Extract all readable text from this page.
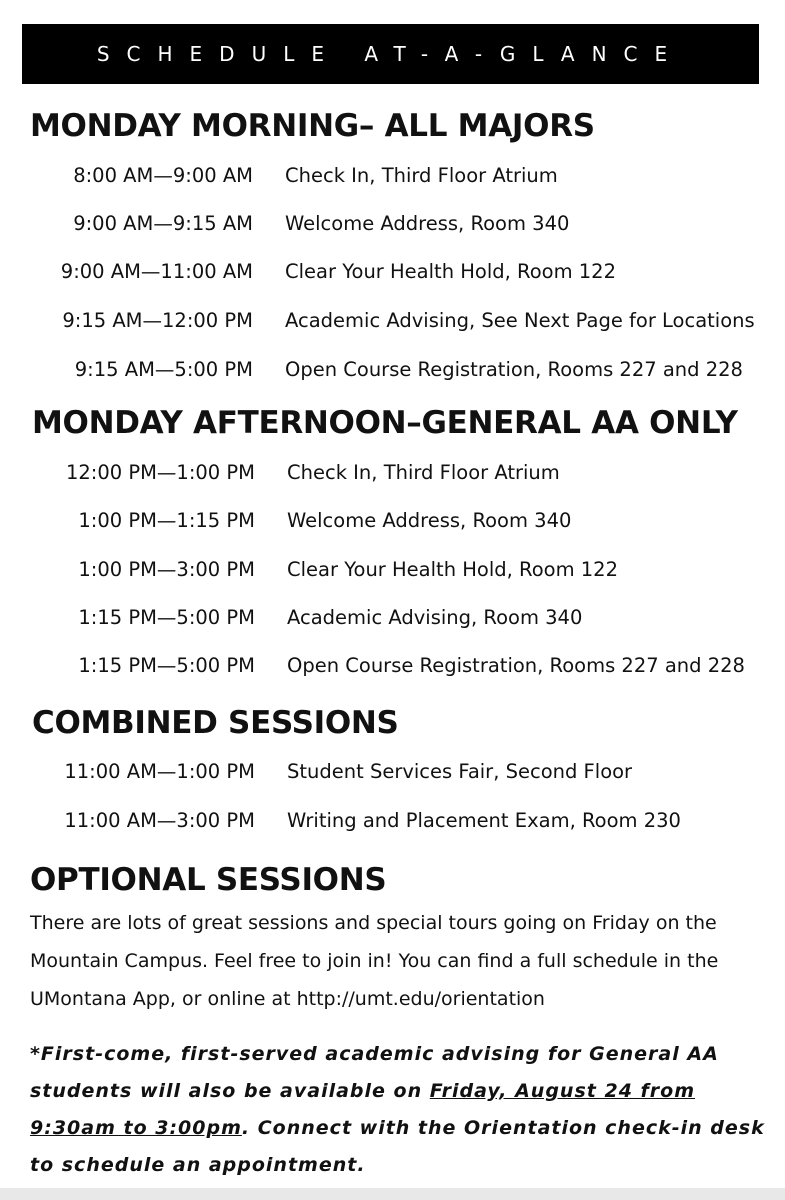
SCHEDULE AT-A-GLANCE
MONDAY MORNING– ALL MAJORS
8:00 AM—9:00 AM Check In, Third Floor Atrium
9:00 AM—9:15 AM Welcome Address, Room 340
9:00 AM—11:00 AM Clear Your Health Hold, Room 122
9:15 AM—12:00 PM Academic Advising, See Next Page for Locations
9:15 AM—5:00 PM Open Course Registration, Rooms 227 and 228
MONDAY AFTERNOON–GENERAL AA ONLY
12:00 PM—1:00 PM Check In, Third Floor Atrium
1:00 PM—1:15 PM Welcome Address, Room 340
1:00 PM—3:00 PM Clear Your Health Hold, Room 122
1:15 PM—5:00 PM Academic Advising, Room 340
1:15 PM—5:00 PM Open Course Registration, Rooms 227 and 228
COMBINED SESSIONS
11:00 AM—1:00 PM Student Services Fair, Second Floor
11:00 AM—3:00 PM Writing and Placement Exam, Room 230
OPTIONAL SESSIONS

There are lots of great sessions and special tours going on Friday on the Mountain Campus. Feel free to join in! You can find a full schedule in the UMontana App, or online at http://umt.edu/orientation

*First-come, first-served academic advising for General AA students will also be available on Friday, August 24 from 9:30am to 3:00pm. Connect with the Orientation check-in desk to schedule an appointment.
